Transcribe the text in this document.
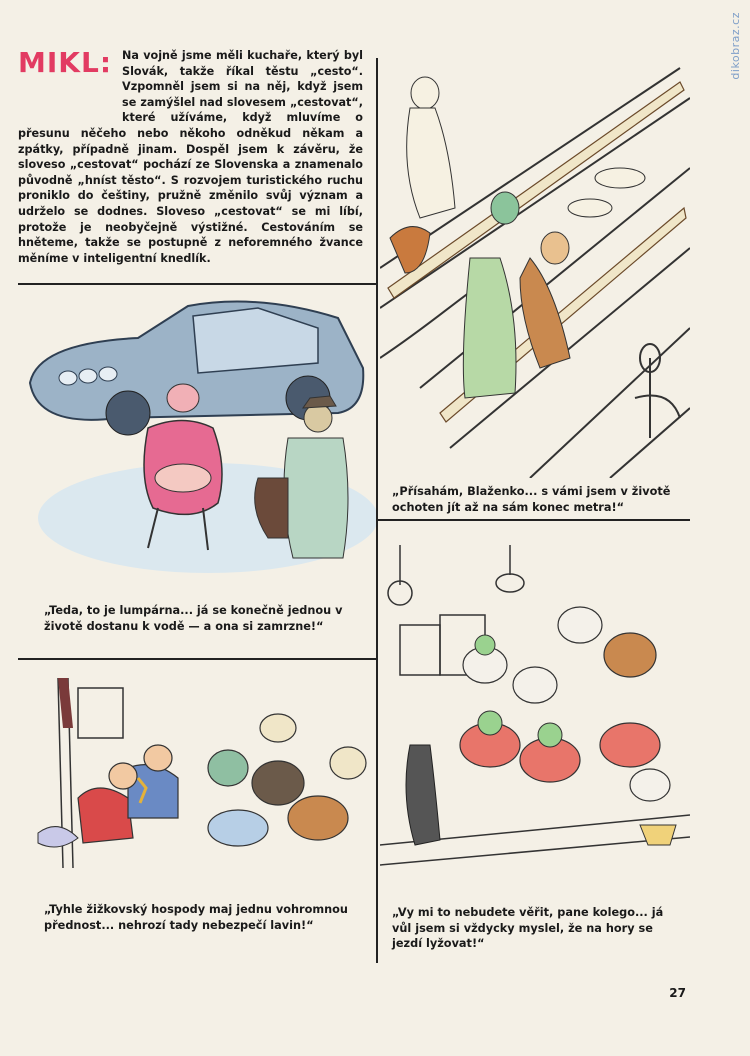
dikobraz.cz
MIKL: Na vojně jsme měli kuchaře, který byl Slovák, takže říkal těstu „cesto“. Vzpomněl jsem si na něj, když jsem se zamýšlel nad slovesem „cestovat“, které užíváme, když mluvíme o přesunu něčeho nebo někoho odněkud někam a zpátky, případně jinam. Dospěl jsem k závěru, že sloveso „cestovat“ pochází ze Slovenska a znamenalo původně „hníst těsto“. S rozvojem turistického ruchu proniklo do češtiny, pružně změnilo svůj význam a udrželo se dodnes. Sloveso „cestovat“ se mi líbí, protože je neobyčejně výstižné. Cestováním se hněteme, takže se postupně z neforemného žvance měníme v inteligentní knedlík.

„Přísahám, Blaženko... s vámi jsem v životě ochoten jít až na sám konec metra!“

„Teda, to je lumpárna... já se konečně jednou v životě dostanu k vodě — a ona si zamrzne!“

„Vy mi to nebudete věřit, pane kolego... já vůl jsem si vždycky myslel, že na hory se jezdí lyžovat!“

„Tyhle žižkovský hospody maj jednu vohromnou přednost... nehrozí tady nebezpečí lavin!“

27
